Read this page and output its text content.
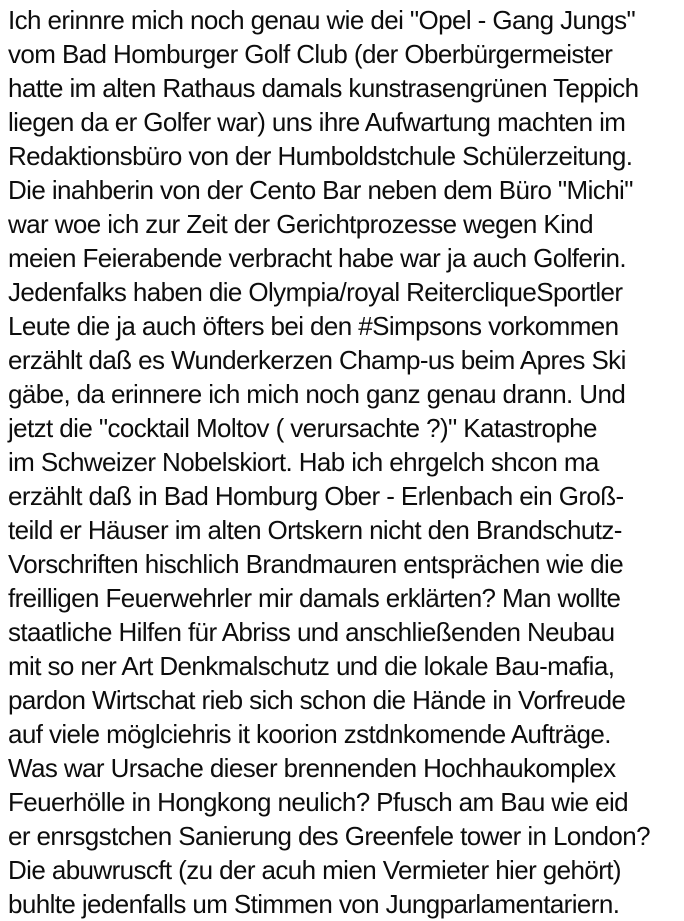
Ich erinnre mich noch genau wie dei "Opel - Gang Jungs"
vom Bad Homburger Golf Club (der Oberbürgermeister
hatte im alten Rathaus damals kunstrasengrünen Teppich
liegen da er Golfer war) uns ihre Aufwartung machten im
Redaktionsbüro von der Humboldstchule Schülerzeitung.
Die inahberin von der Cento Bar neben dem Büro "Michi"
war woe ich zur Zeit der Gerichtprozesse wegen Kind
meien Feierabende verbracht habe war ja auch Golferin.
Jedenfalks haben die Olympia/royal ReitercliqueSportler
Leute die ja auch öfters bei den #Simpsons vorkommen
erzählt daß es Wunderkerzen Champ-us beim Apres Ski
gäbe, da erinnere ich mich noch ganz genau drann. Und
jetzt die "cocktail Moltov ( verursachte ?)" Katastrophe
im Schweizer Nobelskiort. Hab ich ehrgelch shcon ma
erzählt daß in Bad Homburg Ober - Erlenbach ein Groß-
teild er Häuser im alten Ortskern nicht den Brandschutz-
Vorschriften hischlich Brandmauren entsprächen wie die
freilligen Feuerwehrler mir damals erklärten? Man wollte
staatliche Hilfen für Abriss und anschließenden Neubau
mit so ner Art Denkmalschutz und die lokale Bau-mafia,
pardon Wirtschat rieb sich schon die Hände in Vorfreude
auf viele möglciehris it koorion zstdnkomende Aufträge.
Was war Ursache dieser brennenden Hochhaukomplex
Feuerhölle in Hongkong neulich? Pfusch am Bau wie eid
er enrsgstchen Sanierung des Greenfele tower in London?
Die abuwruscft (zu der acuh mien Vermieter hier gehört)
buhlte jedenfalls um Stimmen von Jungparlamentariern.
